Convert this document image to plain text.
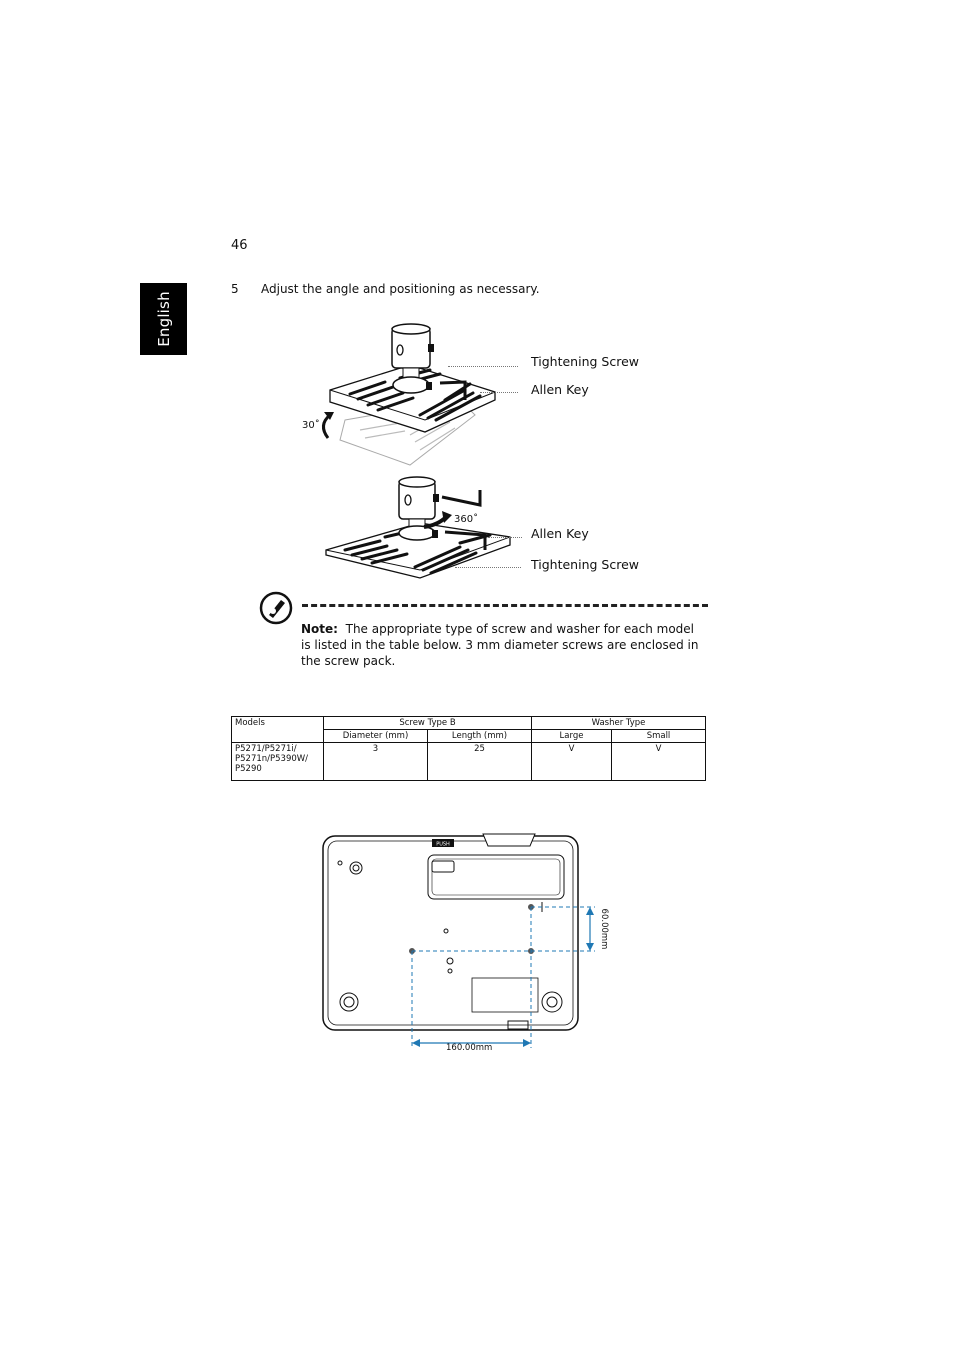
English
46
5 Adjust the angle and positioning as necessary.
30˚
Tightening Screw
Allen Key
360˚
Allen Key
Tightening Screw
Note: The appropriate type of screw and washer for each model is listed in the table below. 3 mm diameter screws are enclosed in the screw pack.
Models	Screw Type B		Washer Type	
	Diameter (mm)	Length (mm)	Large	Small
P5271/P5271i/ P5271n/P5390W/ P5290	3	25	V	V
PUSH
60.00mm
160.00mm
